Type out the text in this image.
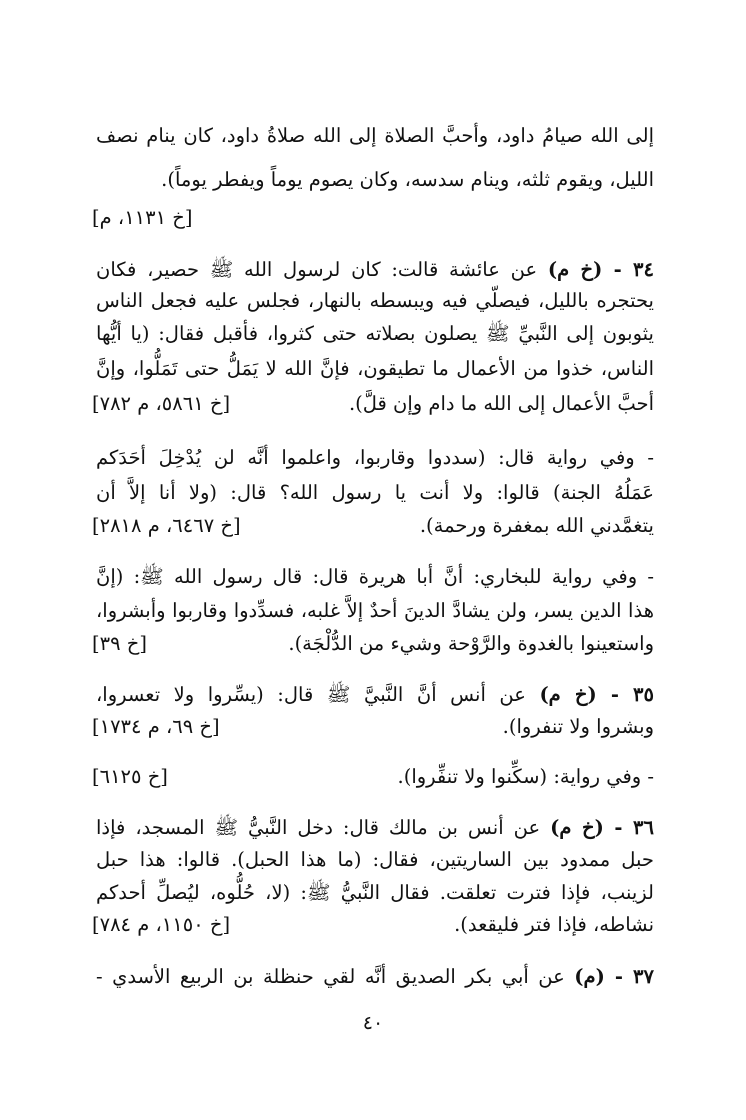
٤٠
إلى الله صيامُ داود، وأحبَّ الصلاة إلى الله صلاةُ داود، كان ينام نصف
الليل، ويقوم ثلثه، وينام سدسه، وكان يصوم يوماً ويفطر يوماً).
[خ ١١٣١، م]
٣٤ - (خ م) عن عائشة قالت: كان لرسول الله ﷺ حصير، فكان
يحتجره بالليل، فيصلّي فيه ويبسطه بالنهار، فجلس عليه فجعل الناس
يثوبون إلى النَّبيِّ ﷺ يصلون بصلاته حتى كثروا، فأقبل فقال: (يا أيُّها
الناس، خذوا من الأعمال ما تطيقون، فإنَّ الله لا يَمَلُّ حتى تَمَلُّوا، وإنَّ
أحبَّ الأعمال إلى الله ما دام وإن قلَّ).
[خ ٥٨٦١، م ٧٨٢]
- وفي رواية قال: (سددوا وقاربوا، واعلموا أنَّه لن يُدْخِلَ أحَدَكم
عَمَلُهُ الجنة) قالوا: ولا أنت يا رسول الله؟ قال: (ولا أنا إلاَّ أن
يتغمَّدني الله بمغفرة ورحمة).
[خ ٦٤٦٧، م ٢٨١٨]
- وفي رواية للبخاري: أنَّ أبا هريرة قال: قال رسول الله ﷺ: (إنَّ
هذا الدين يسر، ولن يشادَّ الدينَ أحدٌ إلاَّ غلبه، فسدِّدوا وقاربوا وأبشروا،
واستعينوا بالغدوة والرَّوْحة وشيء من الدُّلْجَة).
[خ ٣٩]
٣٥ - (خ م) عن أنس أنَّ النَّبيَّ ﷺ قال: (يسِّروا ولا تعسروا،
وبشروا ولا تنفروا).
[خ ٦٩، م ١٧٣٤]
- وفي رواية: (سكِّنوا ولا تنفِّروا).
[خ ٦١٢٥]
٣٦ - (خ م) عن أنس بن مالك قال: دخل النَّبيُّ ﷺ المسجد، فإذا
حبل ممدود بين الساريتين، فقال: (ما هذا الحبل). قالوا: هذا حبل
لزينب، فإذا فترت تعلقت. فقال النَّبيُّ ﷺ: (لا، حُلُّوه، ليُصلِّ أحدكم
نشاطه، فإذا فتر فليقعد).
[خ ١١٥٠، م ٧٨٤]
٣٧ - (م) عن أبي بكر الصديق أنَّه لقي حنظلة بن الربيع الأسدي -
